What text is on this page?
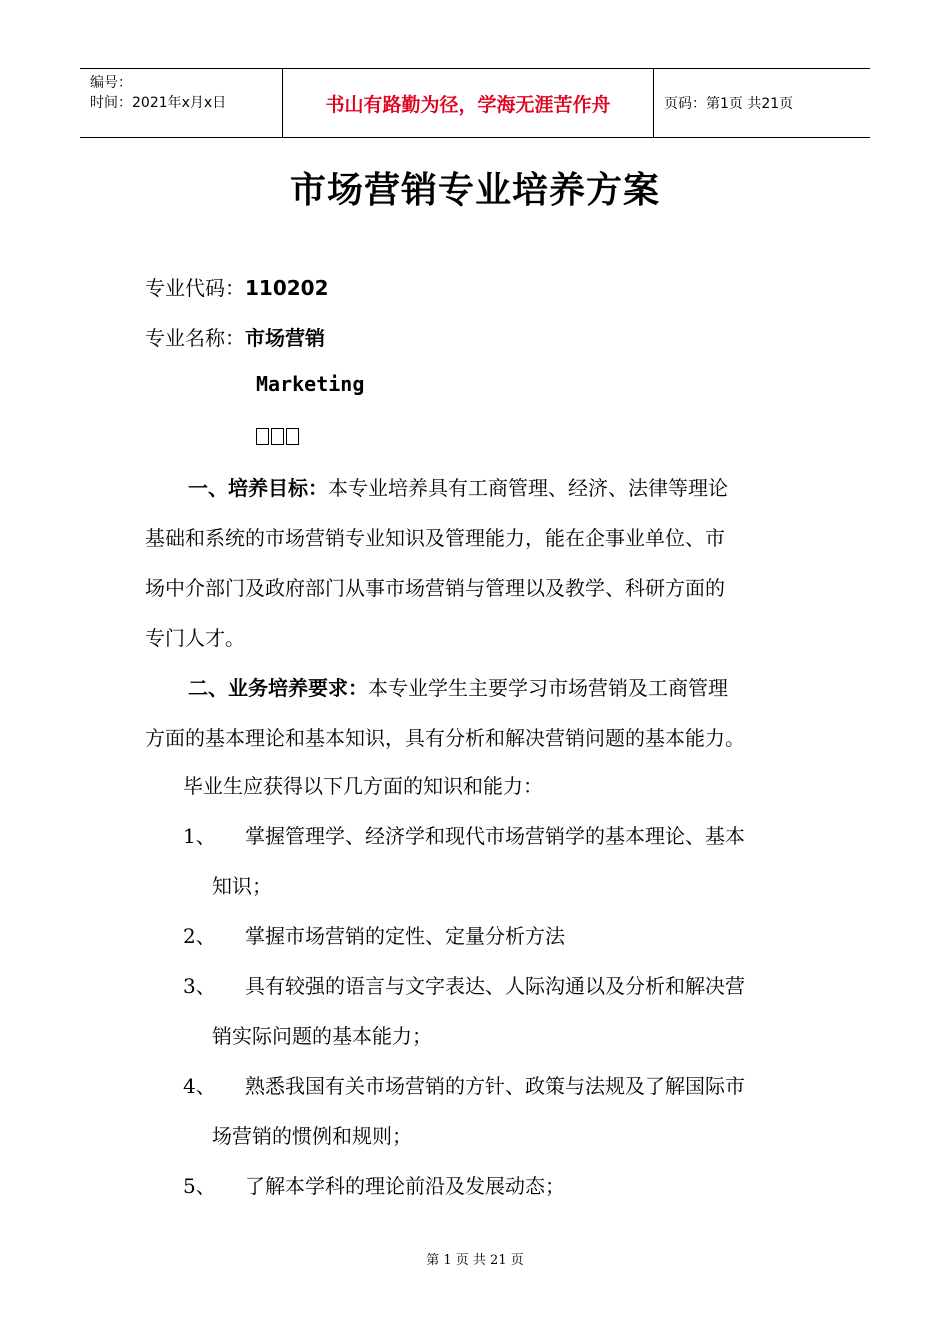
编号：
时间：2021年x月x日	书山有路勤为径，学海无涯苦作舟	页码：第1页 共21页
市场营销专业培养方案
专业代码：110202
专业名称：市场营销
Marketing
一、培养目标：本专业培养具有工商管理、经济、法律等理论
基础和系统的市场营销专业知识及管理能力，能在企事业单位、市
场中介部门及政府部门从事市场营销与管理以及教学、科研方面的
专门人才。
二、业务培养要求：本专业学生主要学习市场营销及工商管理
方面的基本理论和基本知识，具有分析和解决营销问题的基本能力。
毕业生应获得以下几方面的知识和能力：
1、 掌握管理学、经济学和现代市场营销学的基本理论、基本
知识；
2、 掌握市场营销的定性、定量分析方法
3、 具有较强的语言与文字表达、人际沟通以及分析和解决营
销实际问题的基本能力；
4、 熟悉我国有关市场营销的方针、政策与法规及了解国际市
场营销的惯例和规则；
5、 了解本学科的理论前沿及发展动态；
第 1 页 共 21 页
